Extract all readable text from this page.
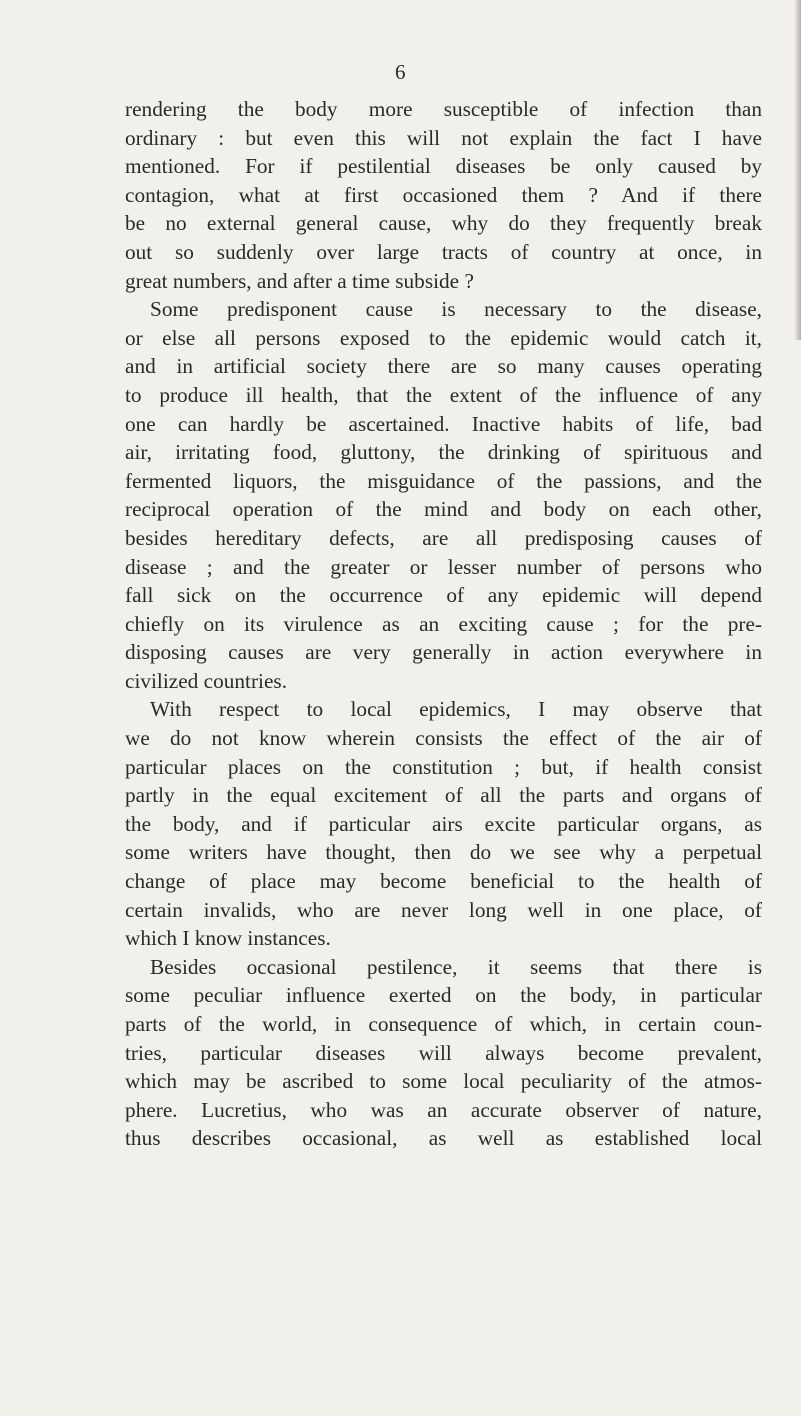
6
rendering the body more susceptible of infection than
ordinary : but even this will not explain the fact I have
mentioned. For if pestilential diseases be only caused by
contagion, what at first occasioned them ? And if there
be no external general cause, why do they frequently break
out so suddenly over large tracts of country at once, in
great numbers, and after a time subside ?
Some predisponent cause is necessary to the disease,
or else all persons exposed to the epidemic would catch it,
and in artificial society there are so many causes operating
to produce ill health, that the extent of the influence of any
one can hardly be ascertained. Inactive habits of life, bad
air, irritating food, gluttony, the drinking of spirituous and
fermented liquors, the misguidance of the passions, and the
reciprocal operation of the mind and body on each other,
besides hereditary defects, are all predisposing causes of
disease ; and the greater or lesser number of persons who
fall sick on the occurrence of any epidemic will depend
chiefly on its virulence as an exciting cause ; for the pre-
disposing causes are very generally in action everywhere in
civilized countries.
With respect to local epidemics, I may observe that
we do not know wherein consists the effect of the air of
particular places on the constitution ; but, if health consist
partly in the equal excitement of all the parts and organs of
the body, and if particular airs excite particular organs, as
some writers have thought, then do we see why a perpetual
change of place may become beneficial to the health of
certain invalids, who are never long well in one place, of
which I know instances.
Besides occasional pestilence, it seems that there is
some peculiar influence exerted on the body, in particular
parts of the world, in consequence of which, in certain coun-
tries, particular diseases will always become prevalent,
which may be ascribed to some local peculiarity of the atmos-
phere. Lucretius, who was an accurate observer of nature,
thus describes occasional, as well as established local
